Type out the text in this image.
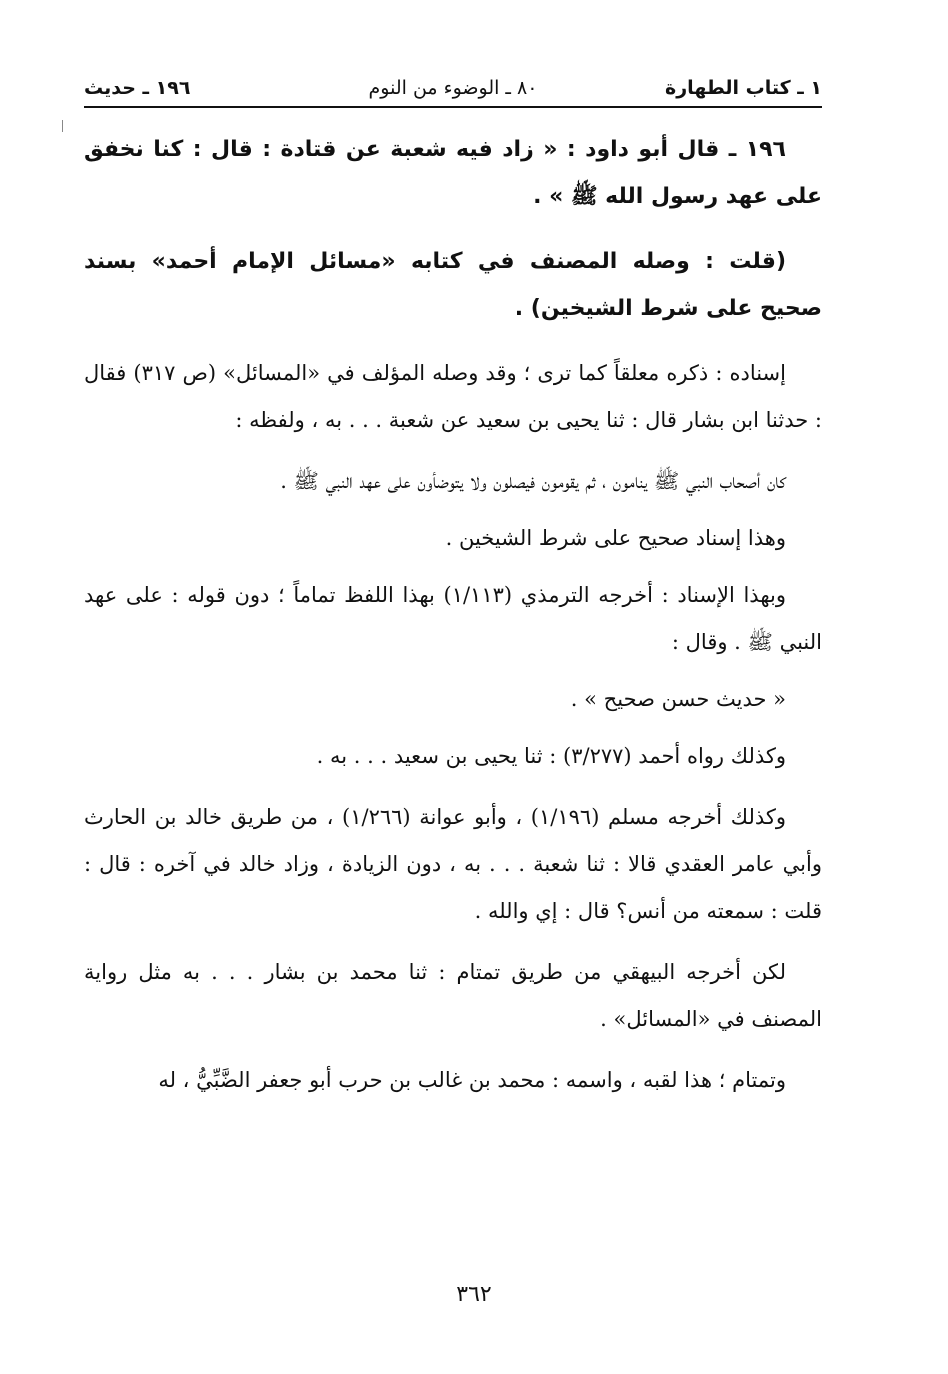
١ ـ كتاب الطهارة
٨٠ ـ الوضوء من النوم
١٩٦ ـ حديث

١٩٦ ـ قال أبو داود : « زاد فيه شعبة عن قتادة : قال : كنا نخفق على عهد رسول الله ﷺ » .

(قلت : وصله المصنف في كتابه «مسائل الإمام أحمد» بسند صحيح على شرط الشيخين) .

إسناده : ذكره معلقاً كما ترى ؛ وقد وصله المؤلف في «المسائل» (ص ٣١٧) فقال : حدثنا ابن بشار قال : ثنا يحيى بن سعيد عن شعبة . . . به ، ولفظه :

كان أصحاب النبي ﷺ ينامون ، ثم يقومون فيصلون ولا يتوضأون على عهد النبي ﷺ .

وهذا إسناد صحيح على شرط الشيخين .

وبهذا الإسناد : أخرجه الترمذي (١/١١٣) بهذا اللفظ تماماً ؛ دون قوله : على عهد النبي ﷺ . وقال :

« حديث حسن صحيح » .

وكذلك رواه أحمد (٣/٢٧٧) : ثنا يحيى بن سعيد . . . به .

وكذلك أخرجه مسلم (١/١٩٦) ، وأبو عوانة (١/٢٦٦) ، من طريق خالد بن الحارث وأبي عامر العقدي قالا : ثنا شعبة . . . به ، دون الزيادة ، وزاد خالد في آخره : قال : قلت : سمعته من أنس؟ قال : إي والله .

لكن أخرجه البيهقي من طريق تمتام : ثنا محمد بن بشار . . . به مثل رواية المصنف في «المسائل» .

وتمتام ؛ هذا لقبه ، واسمه : محمد بن غالب بن حرب أبو جعفر الضَّبِّيُّ ، له

٣٦٢
